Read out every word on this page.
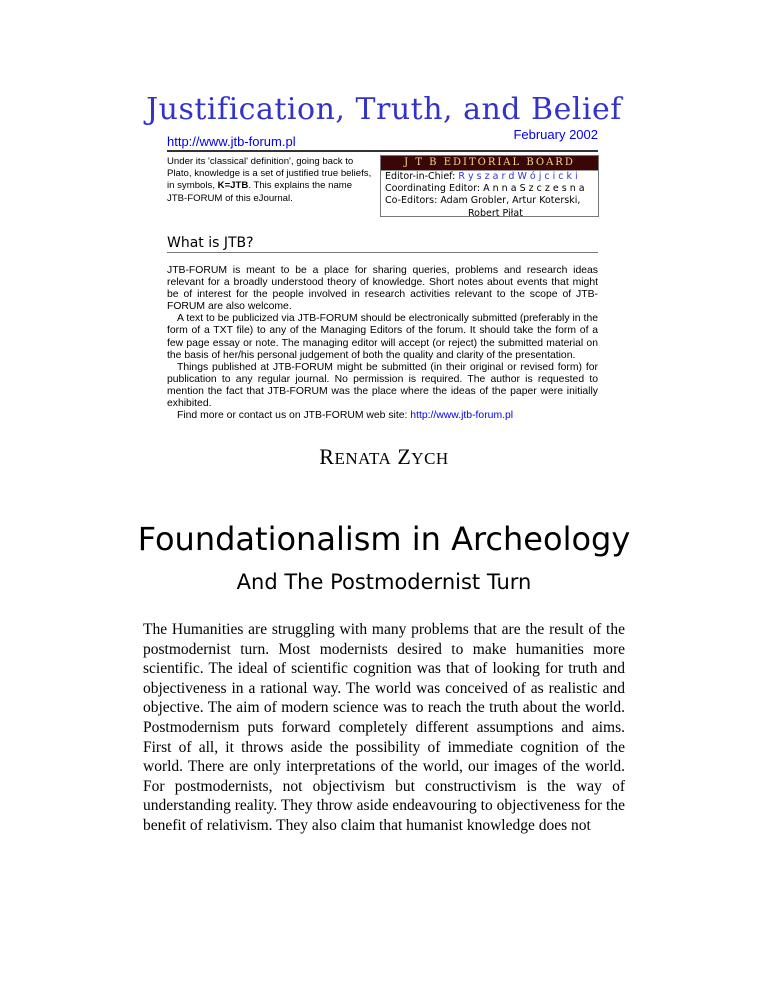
Justification, Truth, and Belief
http://www.jtb-forum.pl	February 2002
Under its 'classical' definition', going back to Plato, knowledge is a set of justified true beliefs, in symbols, K=JTB. This explains the name JTB-FORUM of this eJournal.
J T B EDITORIAL BOARD
Editor-in-Chief: R y s z a r d W ó j c i c k i
Coordinating Editor: A n n a S z c z e s n a
Co-Editors: Adam Grobler, Artur Koterski,
Robert Piłat
What is JTB?

JTB-FORUM is meant to be a place for sharing queries, problems and research ideas relevant for a broadly understood theory of knowledge. Short notes about events that might be of interest for the people involved in research activities relevant to the scope of JTB-FORUM are also welcome.

A text to be publicized via JTB-FORUM should be electronically submitted (preferably in the form of a TXT file) to any of the Managing Editors of the forum. It should take the form of a few page essay or note. The managing editor will accept (or reject) the submitted material on the basis of her/his personal judgement of both the quality and clarity of the presentation.

Things published at JTB-FORUM might be submitted (in their original or revised form) for publication to any regular journal. No permission is required. The author is requested to mention the fact that JTB-FORUM was the place where the ideas of the paper were initially exhibited.

Find more or contact us on JTB-FORUM web site: http://www.jtb-forum.pl

RENATA ZYCH
Foundationalism in Archeology
And The Postmodernist Turn
The Humanities are struggling with many problems that are the result of the postmodernist turn. Most modernists desired to make humanities more scientific. The ideal of scientific cognition was that of looking for truth and objectiveness in a rational way. The world was conceived of as realistic and objective. The aim of modern science was to reach the truth about the world. Postmodernism puts forward completely different assumptions and aims. First of all, it throws aside the possibility of immediate cognition of the world. There are only interpretations of the world, our images of the world. For postmodernists, not objectivism but constructivism is the way of understanding reality. They throw aside endeavouring to objectiveness for the benefit of relativism. They also claim that humanist knowledge does not
